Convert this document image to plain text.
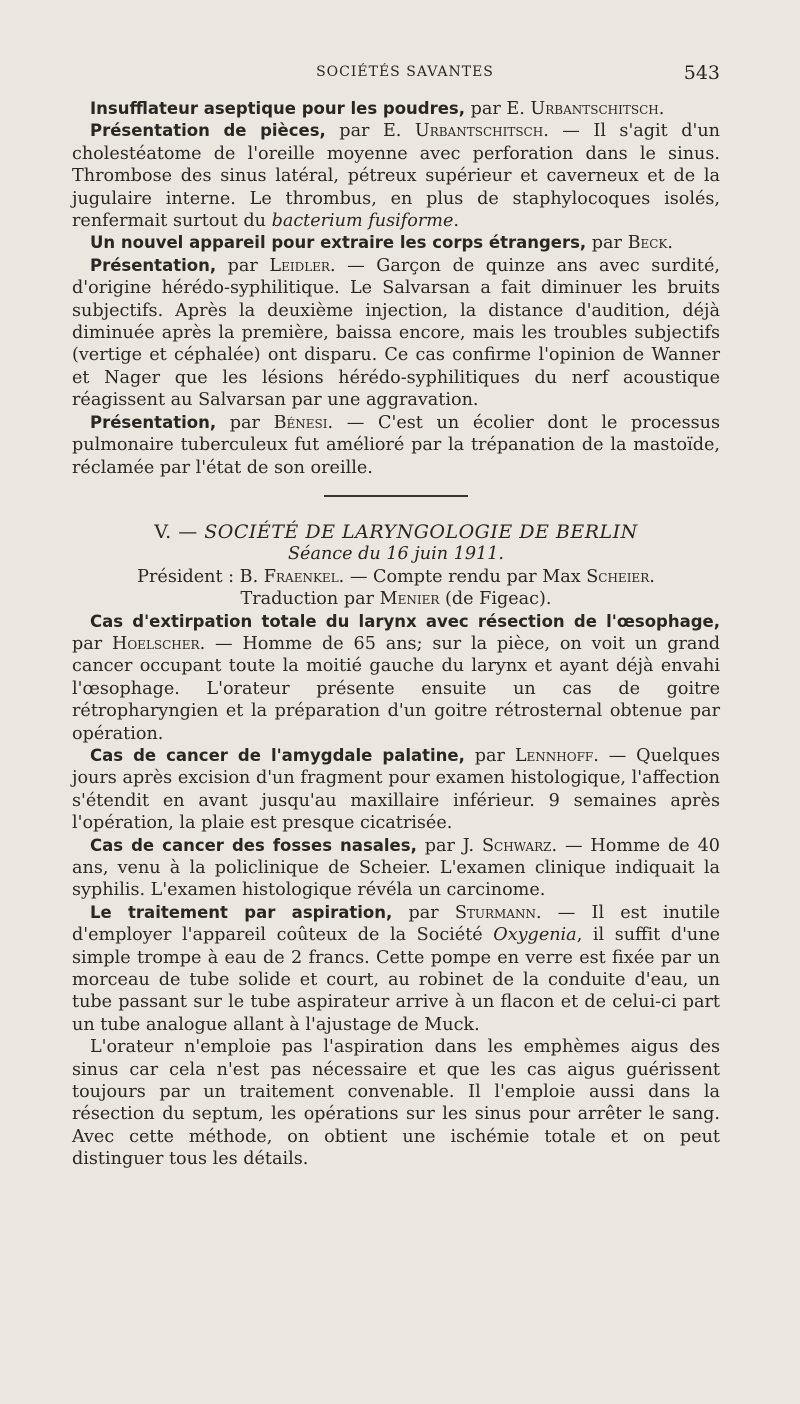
SOCIÉTÉS SAVANTES	543

Insufflateur aseptique pour les poudres, par E. Urbantschitsch.

Présentation de pièces, par E. Urbantschitsch. — Il s'agit d'un cholestéatome de l'oreille moyenne avec perforation dans le sinus. Thrombose des sinus latéral, pétreux supérieur et caverneux et de la jugulaire interne. Le thrombus, en plus de staphylocoques isolés, renfermait surtout du bacterium fusiforme.

Un nouvel appareil pour extraire les corps étrangers, par Beck.

Présentation, par Leidler. — Garçon de quinze ans avec surdité, d'origine hérédo-syphilitique. Le Salvarsan a fait diminuer les bruits subjectifs. Après la deuxième injection, la distance d'audition, déjà diminuée après la première, baissa encore, mais les troubles subjectifs (vertige et céphalée) ont disparu. Ce cas confirme l'opinion de Wanner et Nager que les lésions hérédo-syphilitiques du nerf acoustique réagissent au Salvarsan par une aggravation.

Présentation, par Bénesi. — C'est un écolier dont le processus pulmonaire tuberculeux fut amélioré par la trépanation de la mastoïde, réclamée par l'état de son oreille.

V. — SOCIÉTÉ DE LARYNGOLOGIE DE BERLIN

Séance du 16 juin 1911.

Président : B. Fraenkel. — Compte rendu par Max Scheier.

Traduction par Menier (de Figeac).

Cas d'extirpation totale du larynx avec résection de l'œsophage, par Hoelscher. — Homme de 65 ans; sur la pièce, on voit un grand cancer occupant toute la moitié gauche du larynx et ayant déjà envahi l'œsophage. L'orateur présente ensuite un cas de goitre rétropharyngien et la préparation d'un goitre rétrosternal obtenue par opération.

Cas de cancer de l'amygdale palatine, par Lennhoff. — Quelques jours après excision d'un fragment pour examen histologique, l'affection s'étendit en avant jusqu'au maxillaire inférieur. 9 semaines après l'opération, la plaie est presque cicatrisée.

Cas de cancer des fosses nasales, par J. Schwarz. — Homme de 40 ans, venu à la policlinique de Scheier. L'examen clinique indiquait la syphilis. L'examen histologique révéla un carcinome.

Le traitement par aspiration, par Sturmann. — Il est inutile d'employer l'appareil coûteux de la Société Oxygenia, il suffit d'une simple trompe à eau de 2 francs. Cette pompe en verre est fixée par un morceau de tube solide et court, au robinet de la conduite d'eau, un tube passant sur le tube aspirateur arrive à un flacon et de celui-ci part un tube analogue allant à l'ajustage de Muck.

L'orateur n'emploie pas l'aspiration dans les emphèmes aigus des sinus car cela n'est pas nécessaire et que les cas aigus guérissent toujours par un traitement convenable. Il l'emploie aussi dans la résection du septum, les opérations sur les sinus pour arrêter le sang. Avec cette méthode, on obtient une ischémie totale et on peut distinguer tous les détails.
